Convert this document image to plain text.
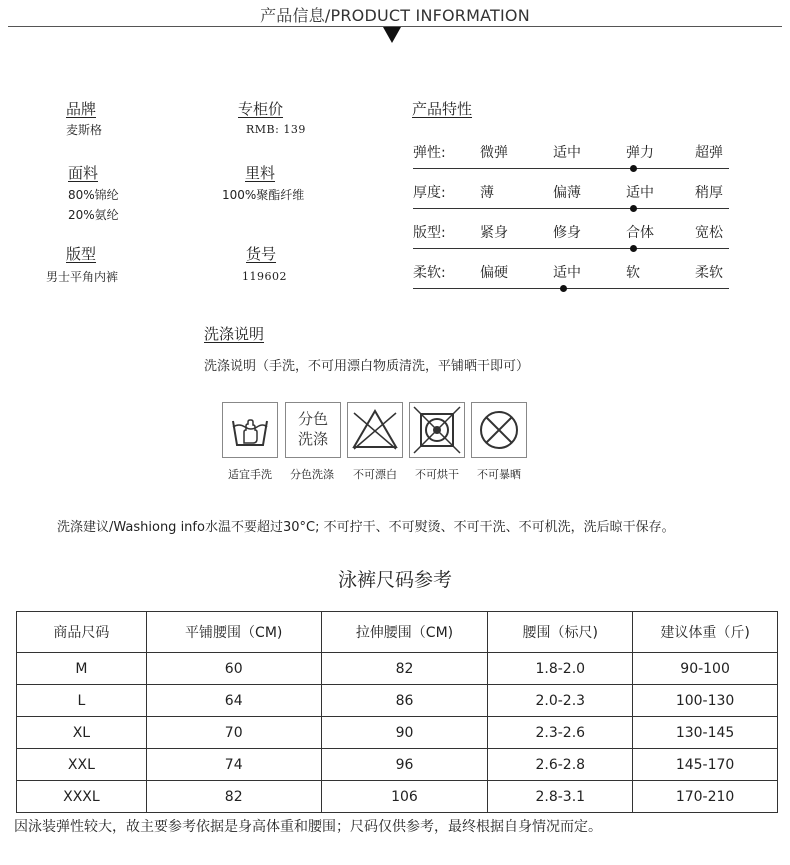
产品信息/PRODUCT INFORMATION
品牌
麦斯格
专柜价
RMB: 139
面料
80%锦纶
20%氨纶
里料
100%聚酯纤维
版型
男士平角内裤
货号
119602
产品特性
弹性: 微弹	适中	弹力	超弹
厚度: 薄	偏薄	适中	稍厚
版型: 紧身	修身	合体	宽松
柔软: 偏硬	适中	软	柔软
洗涤说明
洗涤说明（手洗，不可用漂白物质清洗，平铺晒干即可）
分色
洗涤
适宜手洗	分色洗涤	不可漂白	不可烘干	不可暴晒
洗涤建议/Washiong info水温不要超过30°C; 不可拧干、不可熨烫、不可干洗、不可机洗，洗后晾干保存。
泳裤尺码参考
商品尺码	平铺腰围（CM)	拉伸腰围（CM)	腰围（标尺)	建议体重（斤)
M	60	82	1.8-2.0	90-100
L	64	86	2.0-2.3	100-130
XL	70	90	2.3-2.6	130-145
XXL	74	96	2.6-2.8	145-170
XXXL	82	106	2.8-3.1	170-210
因泳装弹性较大，故主要参考依据是身高体重和腰围；尺码仅供参考，最终根据自身情况而定。
